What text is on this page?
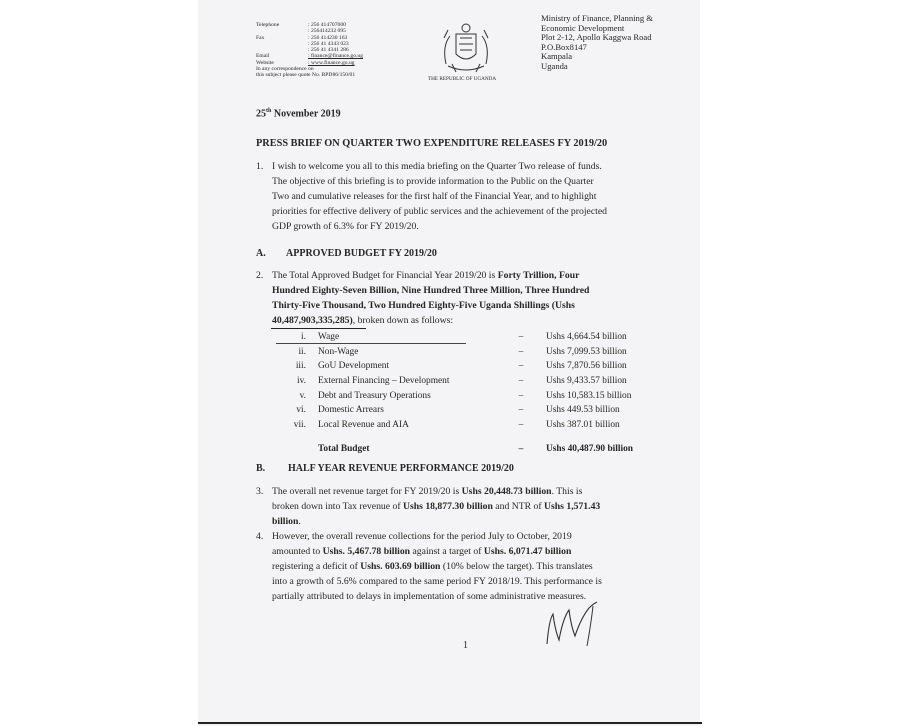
Telephone	: 256 414707000
: 256414232 095
Fax	: 256 414230 163
: 256 41 4343 023
: 256 41 4341 286
Email	: finance@finance.go.ug
Website	: www.finance.go.ug
In any correspondence on
this subject please quote No. BPD86/150/01
THE REPUBLIC OF UGANDA
Ministry of Finance, Planning &
Economic Development
Plot 2-12, Apollo Kaggwa Road
P.O.Box8147
Kampala
Uganda
25th November 2019
PRESS BRIEF ON QUARTER TWO EXPENDITURE RELEASES FY 2019/20
1. I wish to welcome you all to this media briefing on the Quarter Two release of funds.
The objective of this briefing is to provide information to the Public on the Quarter
Two and cumulative releases for the first half of the Financial Year, and to highlight
priorities for effective delivery of public services and the achievement of the projected
GDP growth of 6.3% for FY 2019/20.
A. APPROVED BUDGET FY 2019/20
2. The Total Approved Budget for Financial Year 2019/20 is Forty Trillion, Four
Hundred Eighty-Seven Billion, Nine Hundred Three Million, Three Hundred
Thirty-Five Thousand, Two Hundred Eighty-Five Uganda Shillings (Ushs
40,487,903,335,285), broken down as follows:
i.	Wage	–	Ushs 4,664.54 billion
ii.	Non-Wage	–	Ushs 7,099.53 billion
iii.	GoU Development	–	Ushs 7,870.56 billion
iv.	External Financing – Development	–	Ushs 9,433.57 billion
v.	Debt and Treasury Operations	–	Ushs 10,583.15 billion
vi.	Domestic Arrears	–	Ushs 449.53 billion
vii.	Local Revenue and AIA	–	Ushs 387.01 billion
	Total Budget	–	Ushs 40,487.90 billion
B. HALF YEAR REVENUE PERFORMANCE 2019/20
3. The overall net revenue target for FY 2019/20 is Ushs 20,448.73 billion. This is
broken down into Tax revenue of Ushs 18,877.30 billion and NTR of Ushs 1,571.43
billion.
4. However, the overall revenue collections for the period July to October, 2019
amounted to Ushs. 5,467.78 billion against a target of Ushs. 6,071.47 billion
registering a deficit of Ushs. 603.69 billion (10% below the target). This translates
into a growth of 5.6% compared to the same period FY 2018/19. This performance is
partially attributed to delays in implementation of some administrative measures.
1
